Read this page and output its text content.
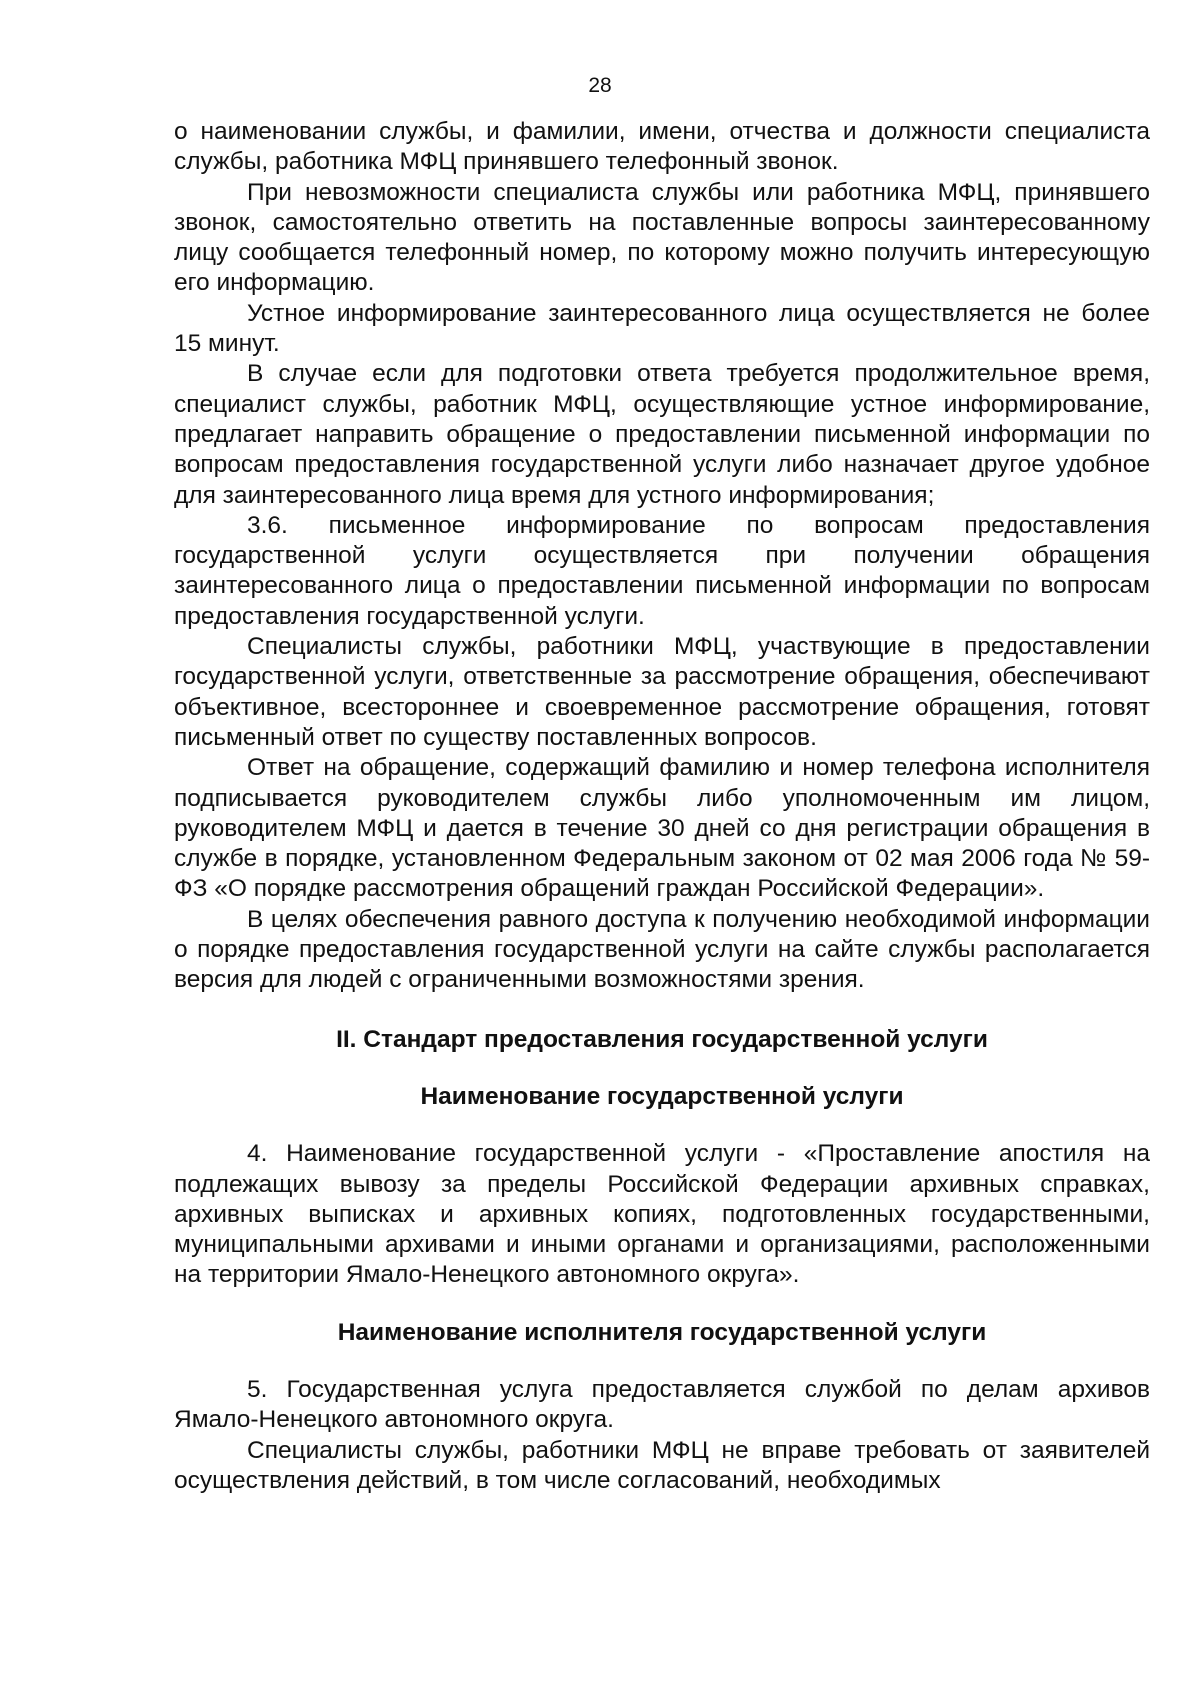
28

о наименовании службы, и фамилии, имени, отчества и должности специалиста службы, работника МФЦ принявшего телефонный звонок.

При невозможности специалиста службы или работника МФЦ, принявшего звонок, самостоятельно ответить на поставленные вопросы заинтересованному лицу сообщается телефонный номер, по которому можно получить интересующую его информацию.

Устное информирование заинтересованного лица осуществляется не более 15 минут.

В случае если для подготовки ответа требуется продолжительное время, специалист службы, работник МФЦ, осуществляющие устное информирование, предлагает направить обращение о предоставлении письменной информации по вопросам предоставления государственной услуги либо назначает другое удобное для заинтересованного лица время для устного информирования;

3.6. письменное информирование по вопросам предоставления государственной услуги осуществляется при получении обращения заинтересованного лица о предоставлении письменной информации по вопросам предоставления государственной услуги.

Специалисты службы, работники МФЦ, участвующие в предоставлении государственной услуги, ответственные за рассмотрение обращения, обеспечивают объективное, всестороннее и своевременное рассмотрение обращения, готовят письменный ответ по существу поставленных вопросов.

Ответ на обращение, содержащий фамилию и номер телефона исполнителя подписывается руководителем службы либо уполномоченным им лицом, руководителем МФЦ и дается в течение 30 дней со дня регистрации обращения в службе в порядке, установленном Федеральным законом от 02 мая 2006 года № 59-ФЗ «О порядке рассмотрения обращений граждан Российской Федерации».

В целях обеспечения равного доступа к получению необходимой информации о порядке предоставления государственной услуги на сайте службы располагается версия для людей с ограниченными возможностями зрения.

II. Стандарт предоставления государственной услуги
Наименование государственной услуги

4. Наименование государственной услуги - «Проставление апостиля на подлежащих вывозу за пределы Российской Федерации архивных справках, архивных выписках и архивных копиях, подготовленных государственными, муниципальными архивами и иными органами и организациями, расположенными на территории Ямало-Ненецкого автономного округа».

Наименование исполнителя государственной услуги

5. Государственная услуга предоставляется службой по делам архивов Ямало-Ненецкого автономного округа.

Специалисты службы, работники МФЦ не вправе требовать от заявителей осуществления действий, в том числе согласований, необходимых
